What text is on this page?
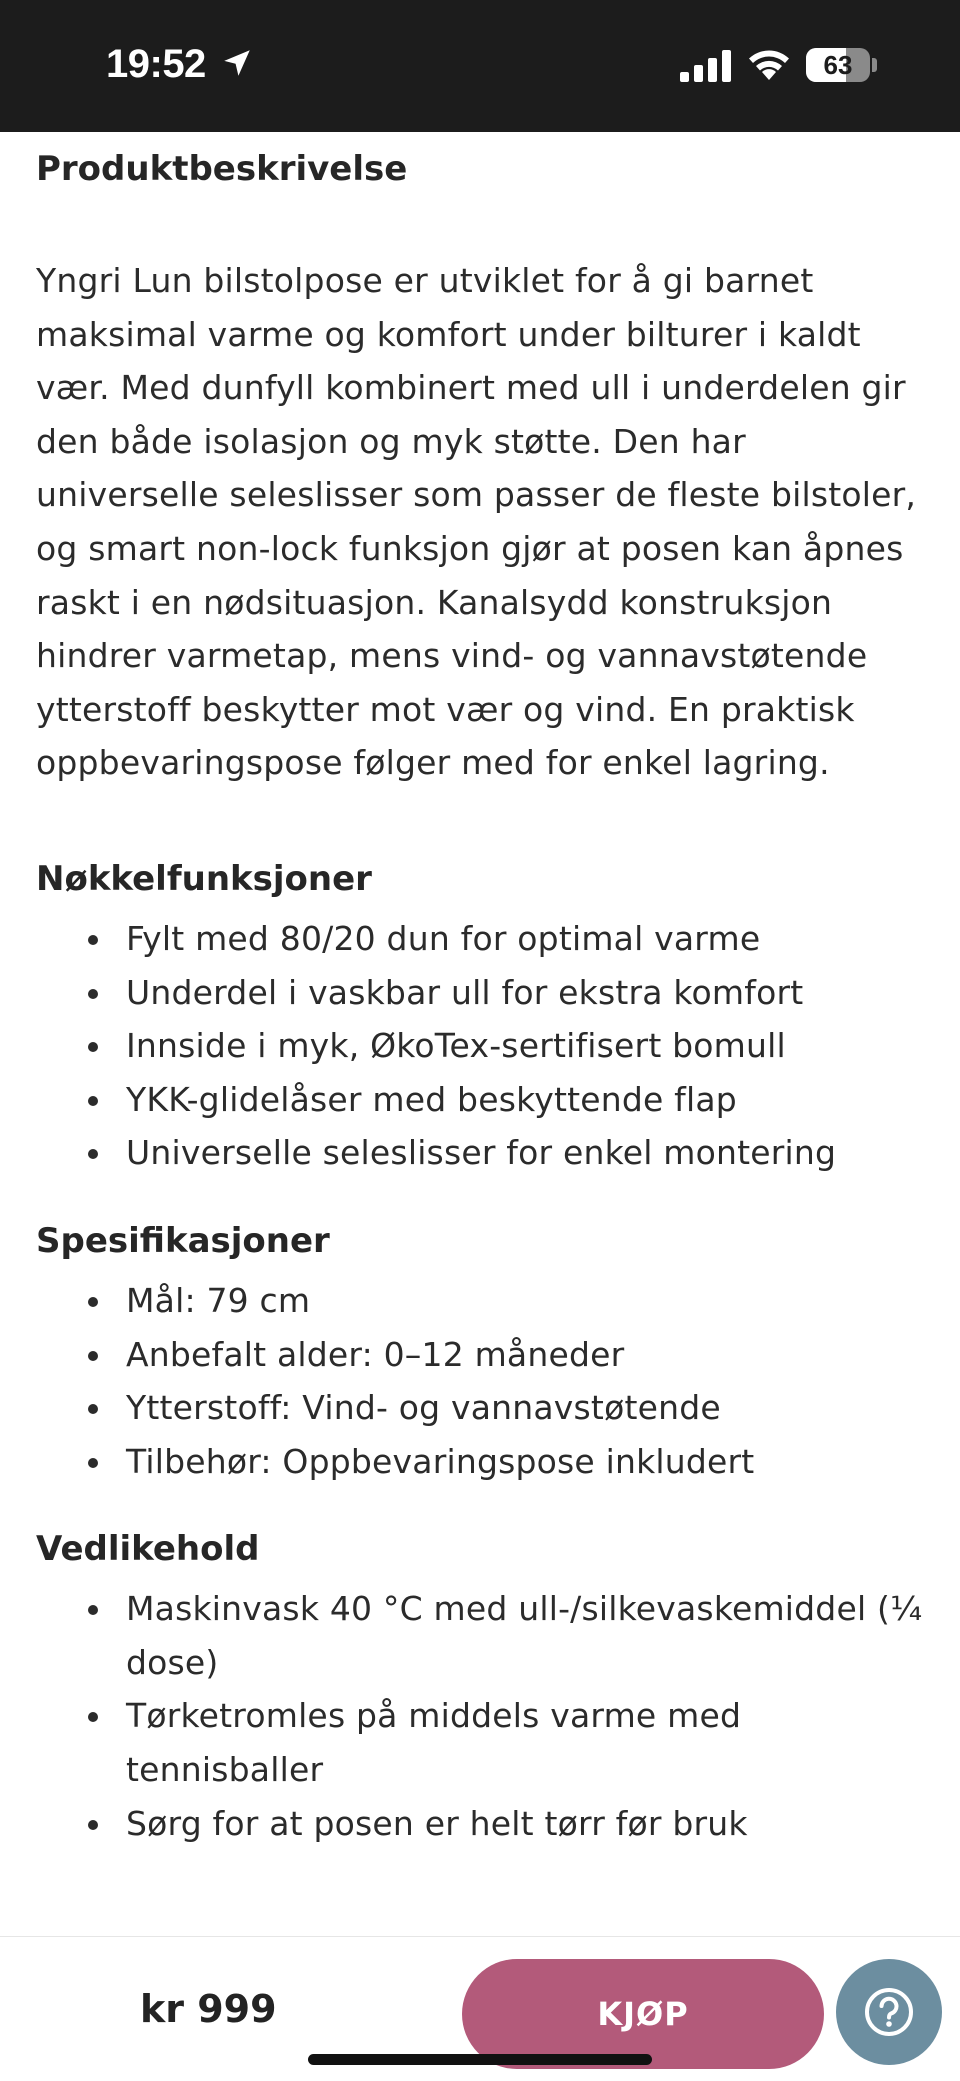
19:52	63
Produktbeskrivelse

Yngri Lun bilstolpose er utviklet for å gi barnet maksimal varme og komfort under bilturer i kaldt vær. Med dunfyll kombinert med ull i underdelen gir den både isolasjon og myk støtte. Den har universelle seleslisser som passer de fleste bilstoler, og smart non-lock funksjon gjør at posen kan åpnes raskt i en nødsituasjon. Kanalsydd konstruksjon hindrer varmetap, mens vind- og vannavstøtende ytterstoff beskytter mot vær og vind. En praktisk oppbevaringspose følger med for enkel lagring.

Nøkkelfunksjoner
Fylt med 80/20 dun for optimal varme
Underdel i vaskbar ull for ekstra komfort
Innside i myk, ØkoTex-sertifisert bomull
YKK-glidelåser med beskyttende flap
Universelle seleslisser for enkel montering
Spesifikasjoner
Mål: 79 cm
Anbefalt alder: 0–12 måneder
Ytterstoff: Vind- og vannavstøtende
Tilbehør: Oppbevaringspose inkludert
Vedlikehold
Maskinvask 40 °C med ull-/silkevaskemiddel (¼ dose)
Tørketromles på middels varme med tennisballer
Sørg for at posen er helt tørr før bruk
kr 999	KJØP
